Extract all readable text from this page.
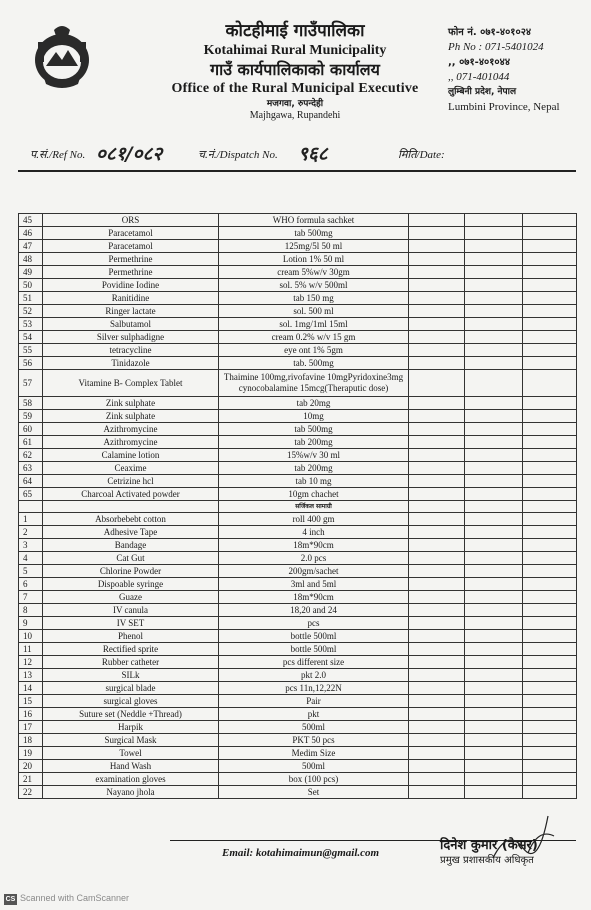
कोटहीमाई गाउँपालिका
Kotahimai Rural Municipality
गाउँ कार्यपालिकाको कार्यालय
Office of the Rural Municipal Executive
मजगवा, रुपन्देही
Majhgawa, Rupandehi
फोन नं. ०७१-४०१०२४
Ph No : 071-5401024
,, ०७१-४०१०४४
,, 071-401044
लुम्बिनी प्रदेश, नेपाल
Lumbini Province, Nepal
प.सं./Ref No. ०८१/०८२	च.नं./Dispatch No. ९६८	मिति/Date:
45	ORS	WHO formula sachket			
46	Paracetamol	tab 500mg			
47	Paracetamol	125mg/5l 50 ml			
48	Permethrine	Lotion 1% 50 ml			
49	Permethrine	cream 5%w/v 30gm			
50	Povidine Iodine	sol. 5% w/v 500ml			
51	Ranitidine	tab 150 mg			
52	Ringer lactate	sol. 500 ml			
53	Salbutamol	sol. 1mg/1ml 15ml			
54	Silver sulphadigne	cream 0.2% w/v 15 gm			
55	tetracycline	eye ont 1% 5gm			
56	Tinidazole	tab. 500mg			
57	Vitamine B- Complex Tablet	Thaimine 100mg,rivofavine 10mgPyridoxine3mg cynocobalamine 15mcg(Theraputic dose)			
58	Zink sulphate	tab 20mg			
59	Zink sulphate	10mg			
60	Azithromycine	tab 500mg			
61	Azithromycine	tab 200mg			
62	Calamine lotion	15%w/v 30 ml			
63	Ceaxime	tab 200mg			
64	Cetrizine hcl	tab 10 mg			
65	Charcoal Activated powder	10gm chachet			
		सर्जिकल सामाग्री			
1	Absorbebebt cotton	roll 400 gm			
2	Adhesive Tape	4 inch			
3	Bandage	18m*90cm			
4	Cat Gut	2.0 pcs			
5	Chlorine Powder	200gm/sachet			
6	Dispoable syringe	3ml and 5ml			
7	Guaze	18m*90cm			
8	IV canula	18,20 and 24			
9	IV SET	pcs			
10	Phenol	bottle 500ml			
11	Rectified sprite	bottle 500ml			
12	Rubber catheter	pcs different size			
13	SILk	pkt 2.0			
14	surgical blade	pcs 11n,12,22N			
15	surgical gloves	Pair			
16	Suture set (Neddle +Thread)	pkt			
17	Harpik	500ml			
18	Surgical Mask	PKT 50 pcs			
19	Towel	Medim Size			
20	Hand Wash	500ml			
21	examination gloves	box (100 pcs)			
22	Nayano jhola	Set			
Email: kotahimaimun@gmail.com	दिनेश कुमार (केसर)
प्रमुख प्रशासकीय अधिकृत
CS Scanned with CamScanner
